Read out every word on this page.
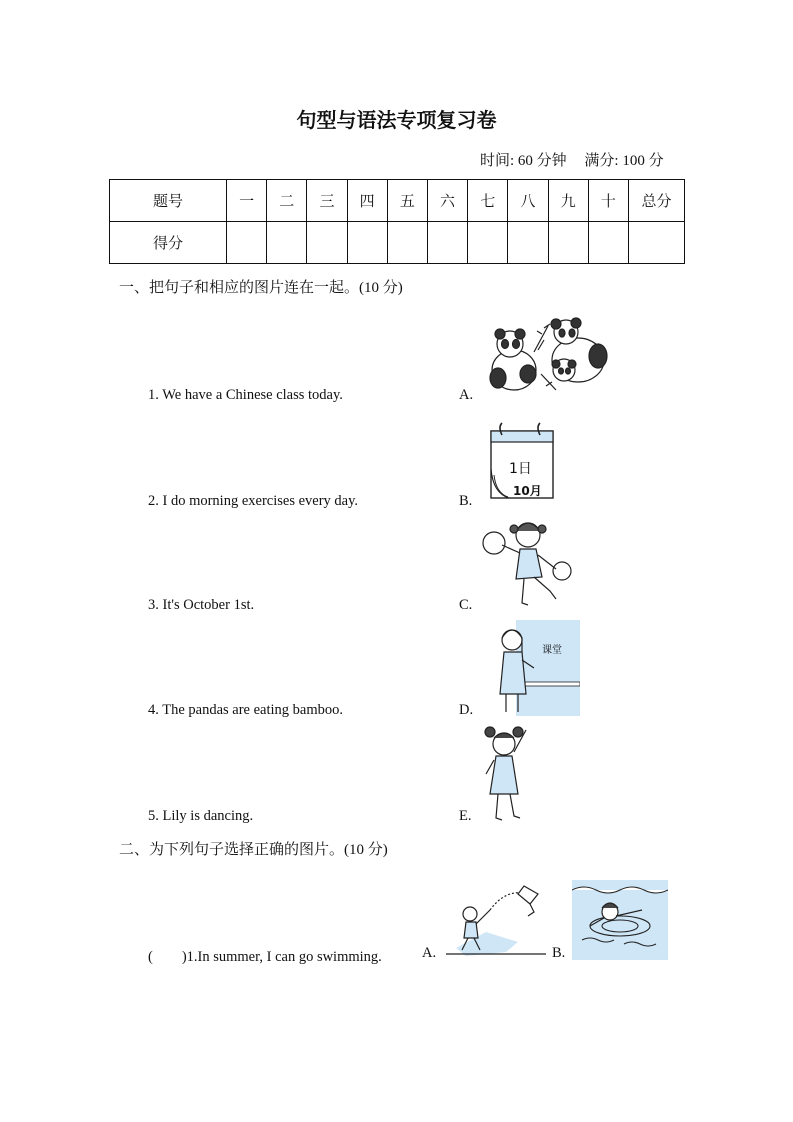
句型与语法专项复习卷
时间: 60 分钟 满分: 100 分
题号	一	二	三	四	五	六	七	八	九	十	总分
得分											
一、把句子和相应的图片连在一起。(10 分)
1. We have a Chinese class today.
2. I do morning exercises every day.
3. It's October 1st.
4. The pandas are eating bamboo.
5. Lily is dancing.
A.
B.
C.
D.
E.
1日
10月
课堂
二、为下列句子选择正确的图片。(10 分)
(　　)1.In summer, I can go swimming.	A.	B.
